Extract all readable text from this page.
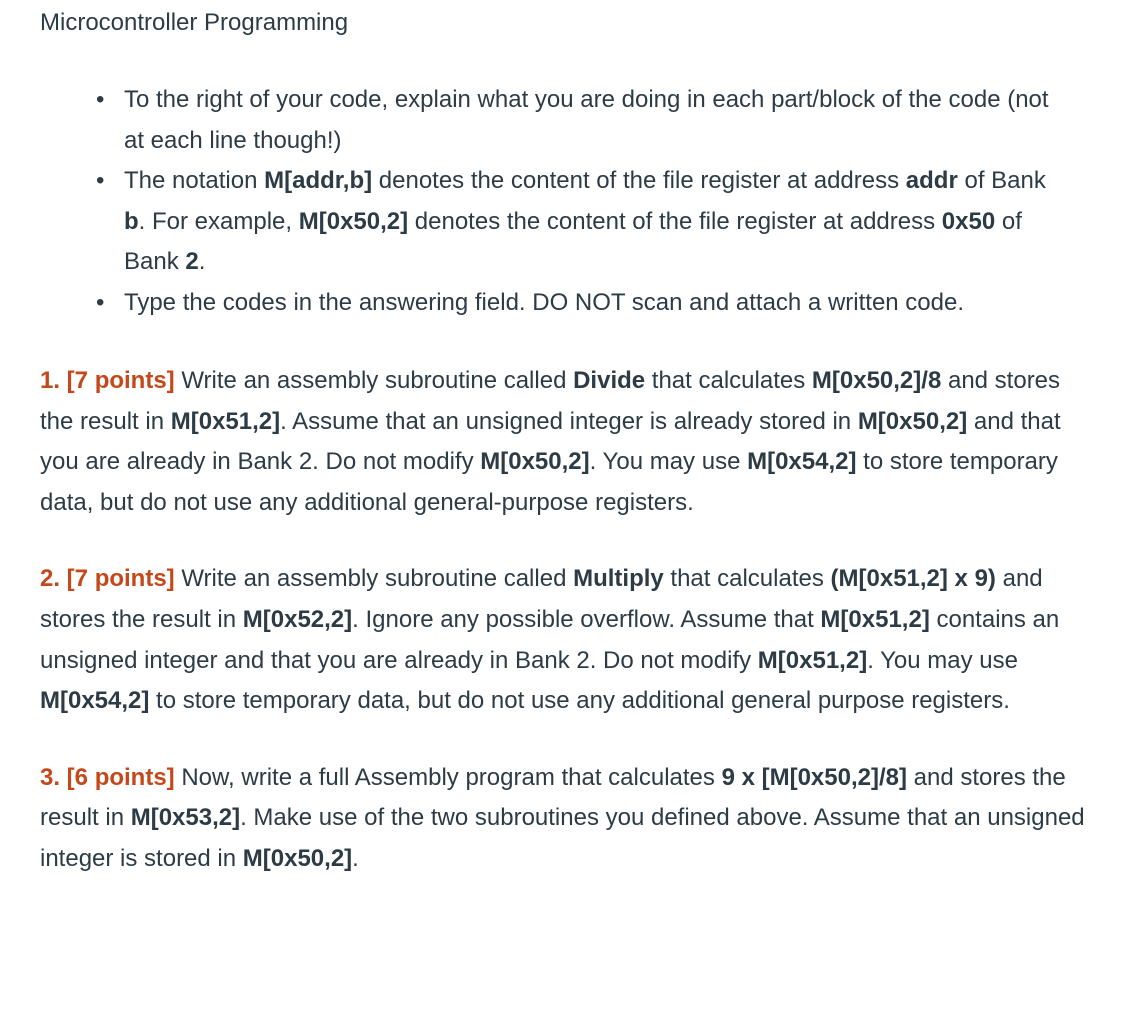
Microcontroller Programming
• To the right of your code, explain what you are doing in each part/block of the code (not at each line though!)
• The notation M[addr,b] denotes the content of the file register at address addr of Bank b. For example, M[0x50,2] denotes the content of the file register at address 0x50 of Bank 2.
• Type the codes in the answering field. DO NOT scan and attach a written code.

1. [7 points] Write an assembly subroutine called Divide that calculates M[0x50,2]/8 and stores the result in M[0x51,2]. Assume that an unsigned integer is already stored in M[0x50,2] and that you are already in Bank 2. Do not modify M[0x50,2]. You may use M[0x54,2] to store temporary data, but do not use any additional general-purpose registers.

2. [7 points] Write an assembly subroutine called Multiply that calculates (M[0x51,2] x 9) and stores the result in M[0x52,2]. Ignore any possible overflow. Assume that M[0x51,2] contains an unsigned integer and that you are already in Bank 2. Do not modify M[0x51,2]. You may use M[0x54,2] to store temporary data, but do not use any additional general purpose registers.

3. [6 points] Now, write a full Assembly program that calculates 9 x [M[0x50,2]/8] and stores the result in M[0x53,2]. Make use of the two subroutines you defined above. Assume that an unsigned integer is stored in M[0x50,2].
